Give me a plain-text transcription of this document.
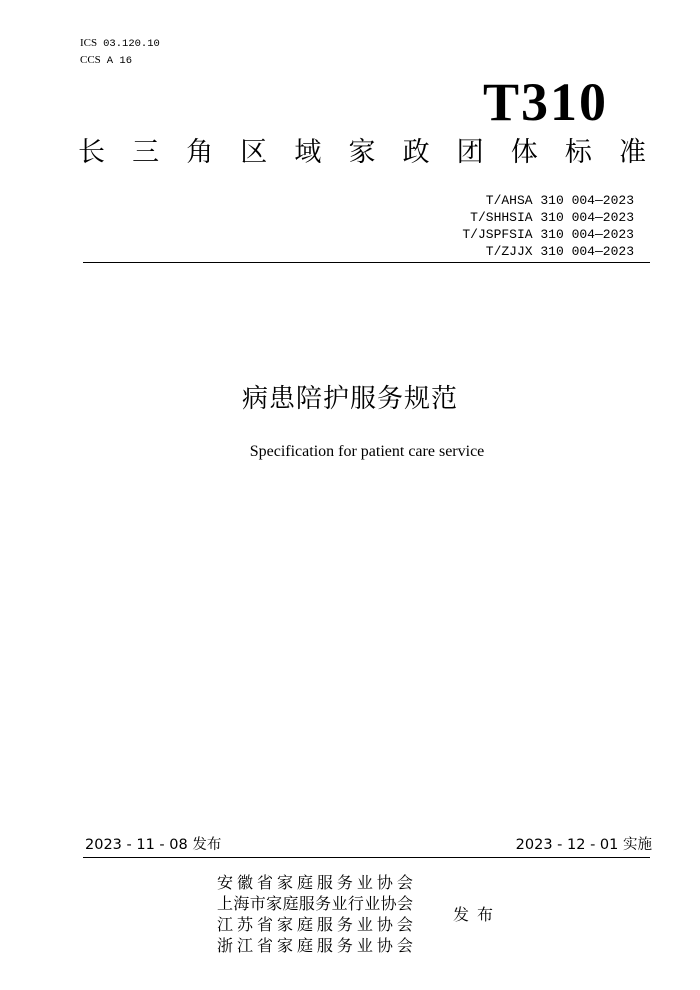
ICS 03.120.10
CCS A 16
T310
长 三 角 区 域 家 政 团 体 标 准
T/AHSA 310 004—2023
T/SHHSIA 310 004—2023
T/JSPFSIA 310 004—2023
T/ZJJX 310 004—2023
病患陪护服务规范
Specification for patient care service
2023 - 11 - 08 发布	2023 - 12 - 01 实施
安 徽 省 家 庭 服 务 业 协 会
上 海 市 家 庭 服 务 业 行 业 协 会
江 苏 省 家 庭 服 务 业 协 会
浙 江 省 家 庭 服 务 业 协 会
发 布
